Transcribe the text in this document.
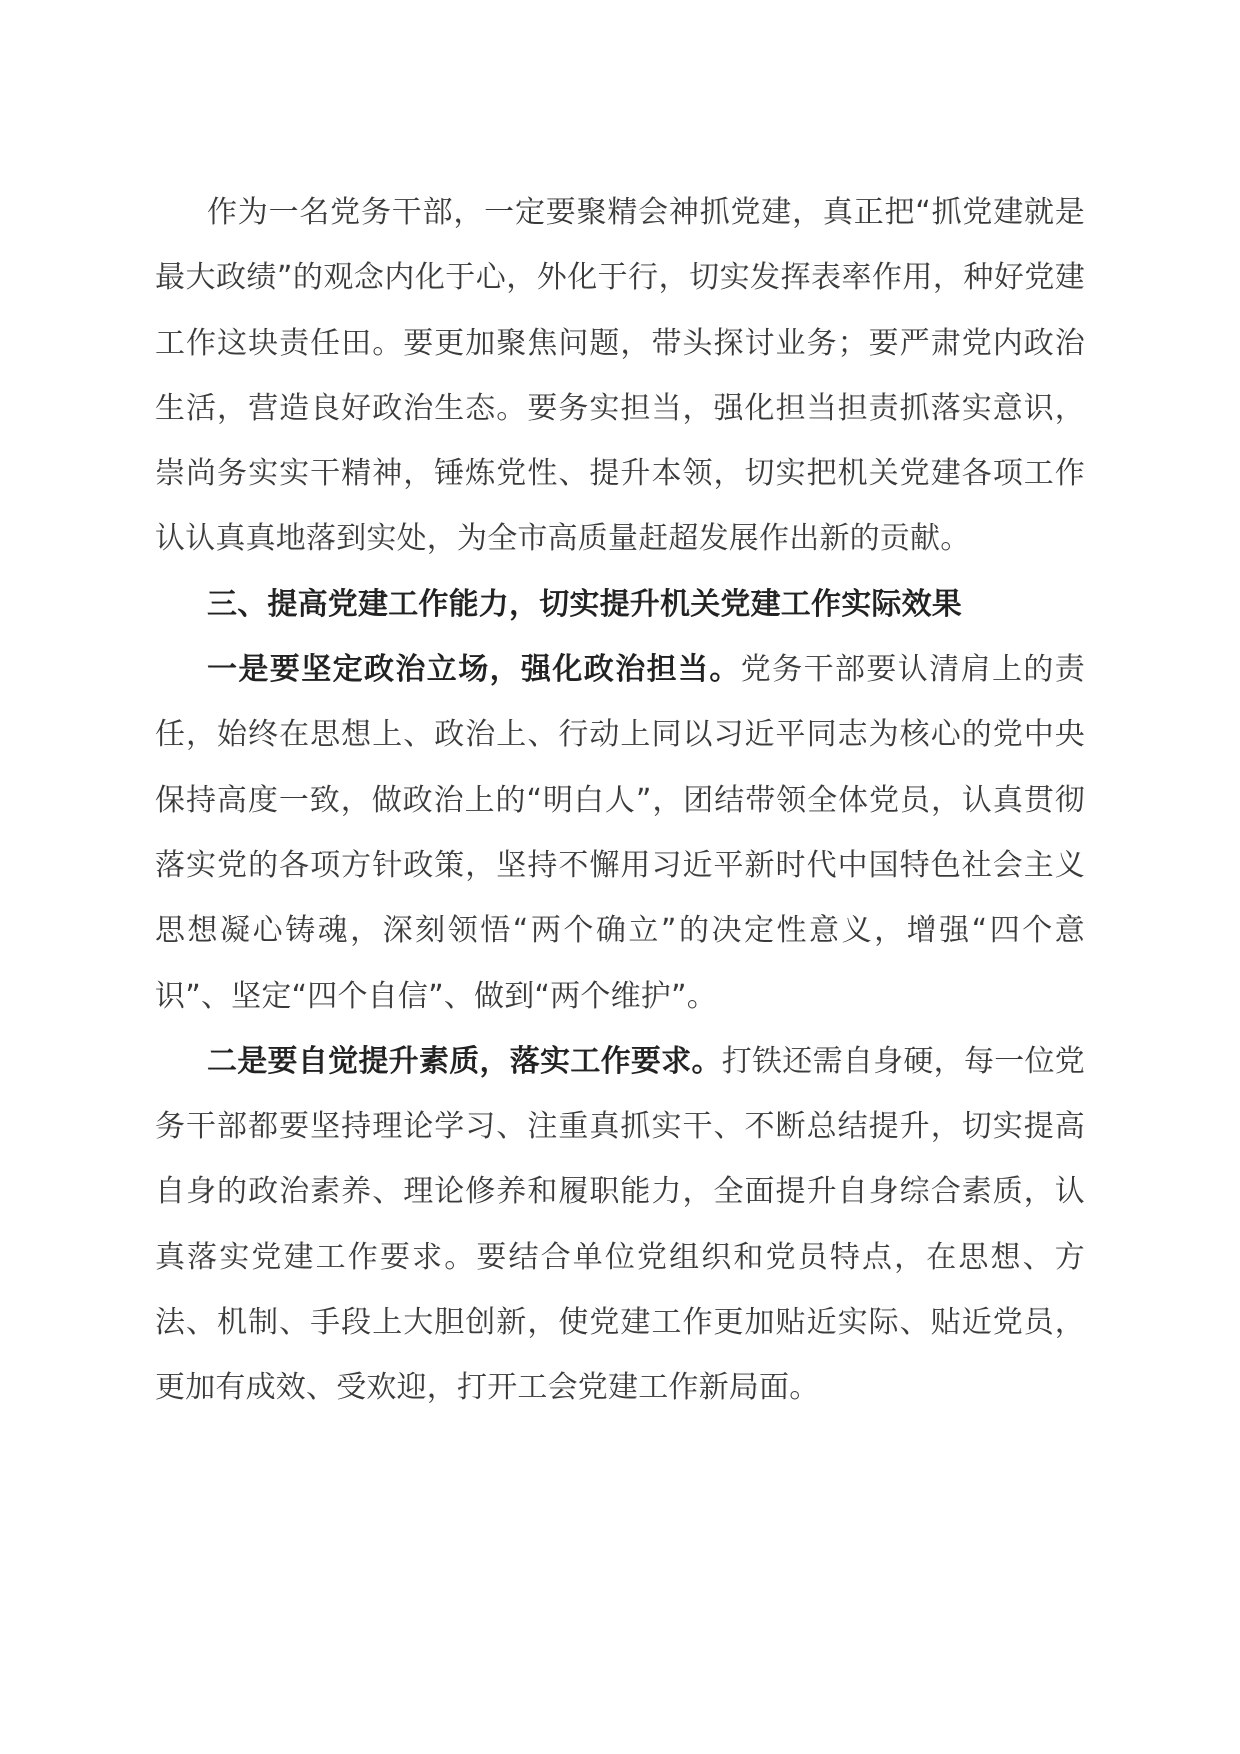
作为一名党务干部，一定要聚精会神抓党建，真正把“抓党建就是最大政绩”的观念内化于心，外化于行，切实发挥表率作用，种好党建工作这块责任田。要更加聚焦问题，带头探讨业务；要严肃党内政治生活，营造良好政治生态。要务实担当，强化担当担责抓落实意识，崇尚务实实干精神，锤炼党性、提升本领，切实把机关党建各项工作认认真真地落到实处，为全市高质量赶超发展作出新的贡献。

三、提高党建工作能力，切实提升机关党建工作实际效果

一是要坚定政治立场，强化政治担当。党务干部要认清肩上的责任，始终在思想上、政治上、行动上同以习近平同志为核心的党中央保持高度一致，做政治上的“明白人”，团结带领全体党员，认真贯彻落实党的各项方针政策，坚持不懈用习近平新时代中国特色社会主义思想凝心铸魂，深刻领悟“两个确立”的决定性意义，增强“四个意识”、坚定“四个自信”、做到“两个维护”。

二是要自觉提升素质，落实工作要求。打铁还需自身硬，每一位党务干部都要坚持理论学习、注重真抓实干、不断总结提升，切实提高自身的政治素养、理论修养和履职能力，全面提升自身综合素质，认真落实党建工作要求。要结合单位党组织和党员特点，在思想、方法、机制、手段上大胆创新，使党建工作更加贴近实际、贴近党员，更加有成效、受欢迎，打开工会党建工作新局面。
